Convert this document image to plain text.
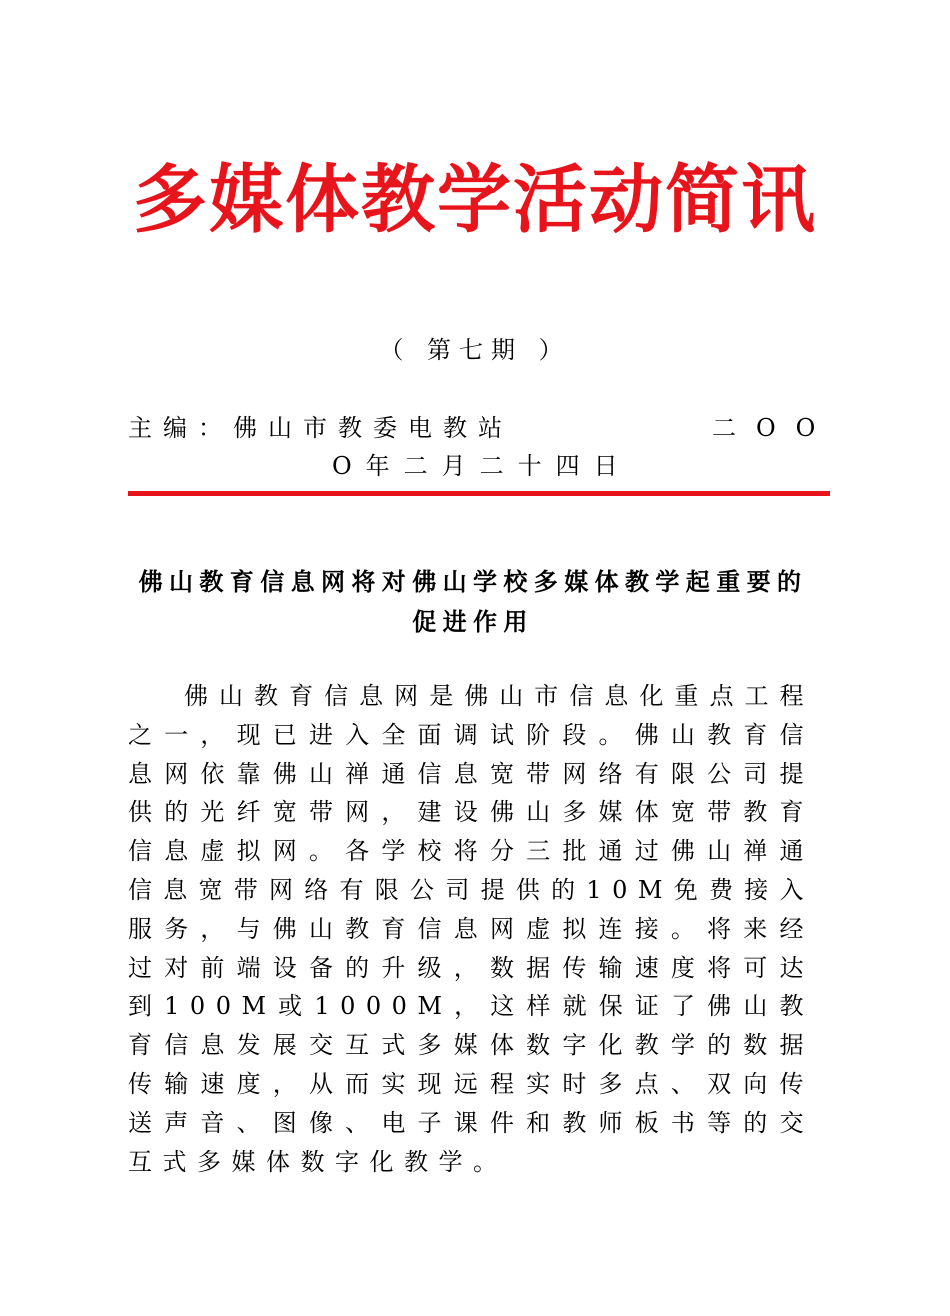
多媒体教学活动简讯
（ 第七期 ）
主编：佛山市教委电教站	二OO
O年二月二十四日
佛山教育信息网将对佛山学校多媒体教学起重要的促进作用

佛山教育信息网是佛山市信息化重点工程之一，现已进入全面调试阶段。佛山教育信息网依靠佛山禅通信息宽带网络有限公司提供的光纤宽带网，建设佛山多媒体宽带教育信息虚拟网。各学校将分三批通过佛山禅通信息宽带网络有限公司提供的10M免费接入服务，与佛山教育信息网虚拟连接。将来经过对前端设备的升级，数据传输速度将可达到100M或1000M，这样就保证了佛山教育信息发展交互式多媒体数字化教学的数据传输速度，从而实现远程实时多点、双向传送声音、图像、电子课件和教师板书等的交互式多媒体数字化教学。
